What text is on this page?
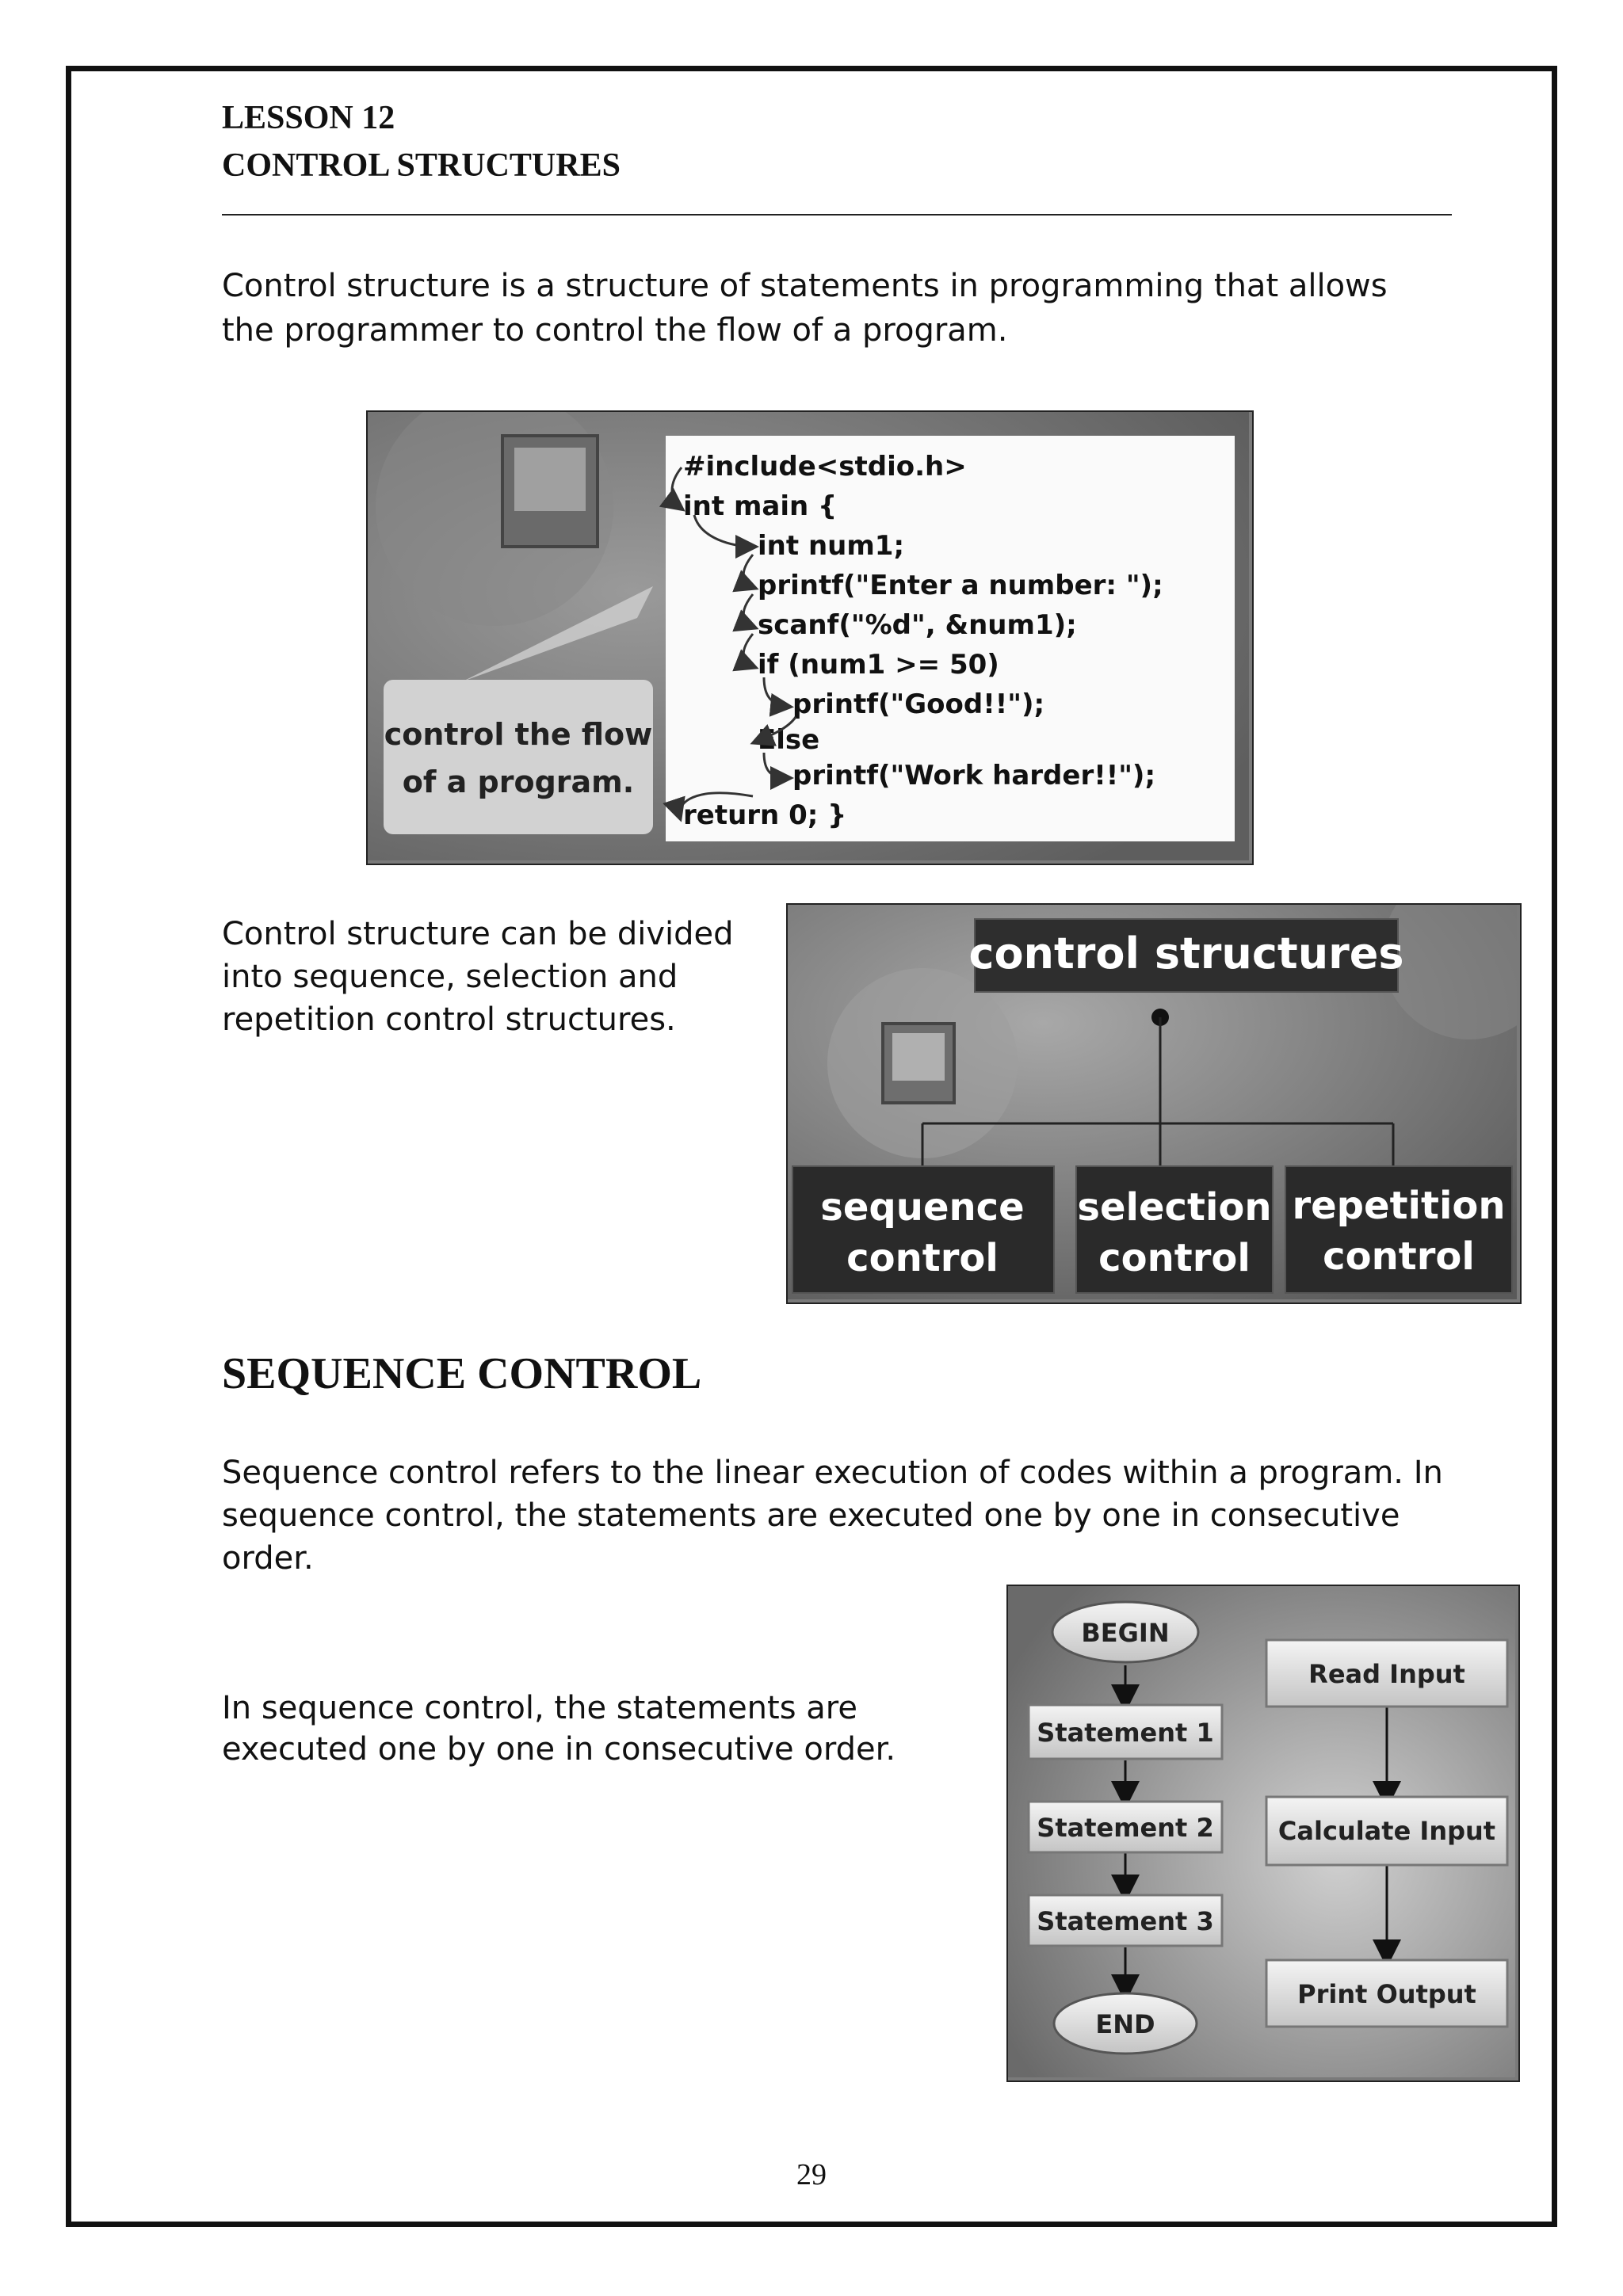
LESSON 12
CONTROL STRUCTURES
Control structure is a structure of statements in programming that allows
the programmer to control the flow of a program.
control the flow
of a program.
#include<stdio.h>
int main {
int num1;
printf("Enter a number: ");
scanf("%d", &num1);
if (num1 >= 50)
printf("Good!!");
Else
printf("Work harder!!");
return 0; }
Control structure can be divided
into sequence, selection and
repetition control structures.
control structures
sequence
control
selection
control
repetition
control
SEQUENCE CONTROL
Sequence control refers to the linear execution of codes within a program. In
sequence control, the statements are executed one by one in consecutive
order.
In sequence control, the statements are
executed one by one in consecutive order.
BEGIN
Statement 1
Statement 2
Statement 3
END
Read Input
Calculate Input
Print Output
29
